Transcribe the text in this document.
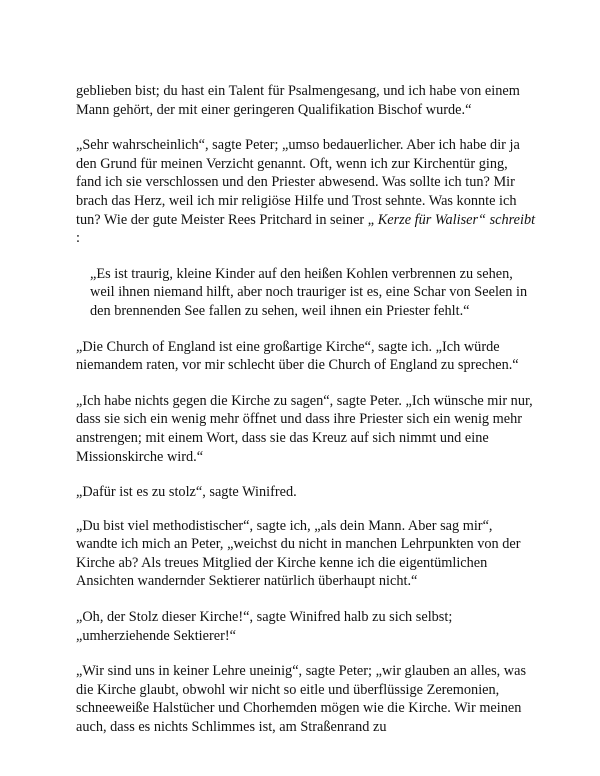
geblieben bist; du hast ein Talent für Psalmengesang, und ich habe von einem Mann gehört, der mit einer geringeren Qualifikation Bischof wurde.“

„Sehr wahrscheinlich“, sagte Peter; „umso bedauerlicher. Aber ich habe dir ja den Grund für meinen Verzicht genannt. Oft, wenn ich zur Kirchentür ging, fand ich sie verschlossen und den Priester abwesend. Was sollte ich tun? Mir brach das Herz, weil ich mir religiöse Hilfe und Trost sehnte. Was konnte ich tun? Wie der gute Meister Rees Pritchard in seiner „ Kerze für Waliser“ schreibt :

„Es ist traurig, kleine Kinder auf den heißen Kohlen verbrennen zu sehen, weil ihnen niemand hilft, aber noch trauriger ist es, eine Schar von Seelen in den brennenden See fallen zu sehen, weil ihnen ein Priester fehlt.“

„Die Church of England ist eine großartige Kirche“, sagte ich. „Ich würde niemandem raten, vor mir schlecht über die Church of England zu sprechen.“

„Ich habe nichts gegen die Kirche zu sagen“, sagte Peter. „Ich wünsche mir nur, dass sie sich ein wenig mehr öffnet und dass ihre Priester sich ein wenig mehr anstrengen; mit einem Wort, dass sie das Kreuz auf sich nimmt und eine Missionskirche wird.“

„Dafür ist es zu stolz“, sagte Winifred.

„Du bist viel methodistischer“, sagte ich, „als dein Mann. Aber sag mir“, wandte ich mich an Peter, „weichst du nicht in manchen Lehrpunkten von der Kirche ab? Als treues Mitglied der Kirche kenne ich die eigentümlichen Ansichten wandernder Sektierer natürlich überhaupt nicht.“

„Oh, der Stolz dieser Kirche!“, sagte Winifred halb zu sich selbst; „umherziehende Sektierer!“

„Wir sind uns in keiner Lehre uneinig“, sagte Peter; „wir glauben an alles, was die Kirche glaubt, obwohl wir nicht so eitle und überflüssige Zeremonien, schneeweiße Halstücher und Chorhemden mögen wie die Kirche. Wir meinen auch, dass es nichts Schlimmes ist, am Straßenrand zu
